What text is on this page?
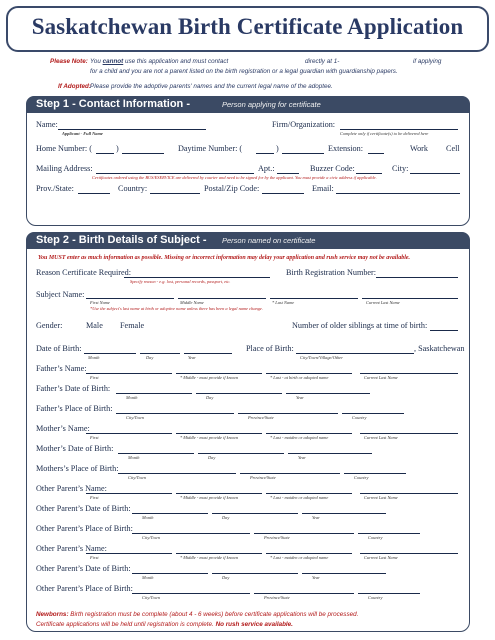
Saskatchewan Birth Certificate Application
Please Note: You cannot use this application and must contact	directly at 1-	if applying
for a child and you are not a parent listed on the birth registration or a legal guardian with guardianship papers.
If Adopted: Please provide the adoptive parents' names and the current legal name of the adoptee.
Step 1 - Contact Information -	Person applying for certificate
Name:
Applicant - Full Name
Firm/Organization:
Complete only if certificate(s) to be delivered here
Home Number: (	)	Daytime Number: (	)	Extension:	Work Cell
Mailing Address:	Apt.:	Buzzer Code:	City:
Certificates ordered using the BUS/ESERVICE are delivered by courier and need to be signed for by the applicant. You must provide a civic address if applicable.
Prov./State:	Country:	Postal/Zip Code:	Email:
Step 2 - Birth Details of Subject - Person named on certificate
You MUST enter as much information as possible. Missing or incorrect information may delay your application and rush service may not be available.
Reason Certificate Required:
Specify reason - e.g. lost, personal records, passport, etc.
Birth Registration Number:
Subject Name:
First Name	Middle Name	* Last Name	Current Last Name
*Use the subject's last name at birth or adoptive name unless there has been a legal name change.
Gender:	Male Female	Number of older siblings at time of birth:
Date of Birth:
Month	Day	Year
Place of Birth:
City/Town/Village/Other
, Saskatchewan
Father’s Name:
First	* Middle - must provide if known	* Last - at birth or adopted name	Current Last Name
Father’s Date of Birth:
Month	Day	Year
Father’s Place of Birth:
City/Town	Province/State	Country
Mother’s Name:
First	* Middle - must provide if known	* Last - maiden or adopted name	Current Last Name
Mother’s Date of Birth:
Month	Day	Year
Mothers’s Place of Birth:
City/Town	Province/State	Country
Other Parent’s Name:
First	* Middle - must provide if known	* Last - maiden or adopted name	Current Last Name
Other Parent’s Date of Birth:
Month	Day	Year
Other Parent’s Place of Birth:
City/Town	Province/State	Country
Other Parent’s Name:
First	* Middle - must provide if known	* Last - maiden or adopted name	Current Last Name
Other Parent’s Date of Birth:
Month	Day	Year
Other Parent’s Place of Birth:
City/Town	Province/State	Country
Newborns: Birth registration must be complete (about 4 - 6 weeks) before certificate applications will be processed.
Certificate applications will be held until registration is complete. No rush service available.
